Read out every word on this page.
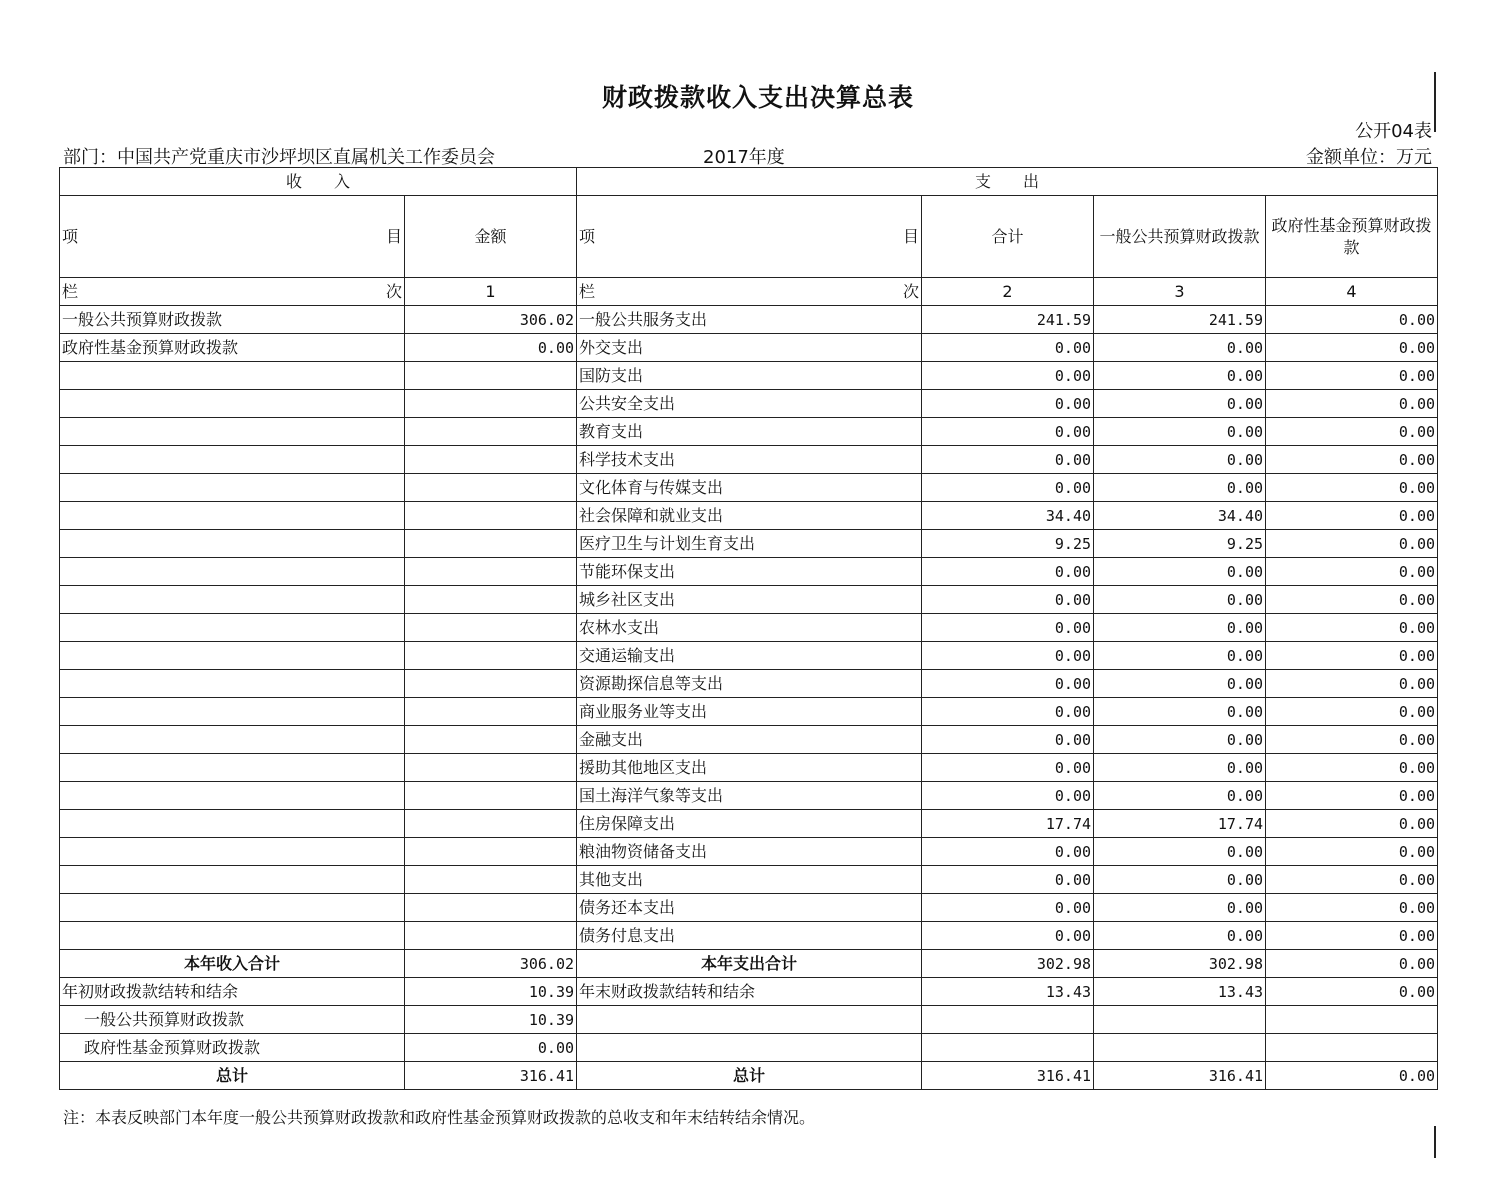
财政拨款收入支出决算总表
公开04表
部门：中国共产党重庆市沙坪坝区直属机关工作委员会	2017年度	金额单位：万元
收　　入		支　　出			

项 目	金额	项 目	合计	一般公共预算财政拨款	政府性基金预算财政拨款

栏 次	1	栏 次	2	3	4
一般公共预算财政拨款	306.02	一般公共服务支出	241.59	241.59	0.00
政府性基金预算财政拨款	0.00	外交支出	0.00	0.00	0.00
		国防支出	0.00	0.00	0.00
		公共安全支出	0.00	0.00	0.00
		教育支出	0.00	0.00	0.00
		科学技术支出	0.00	0.00	0.00
		文化体育与传媒支出	0.00	0.00	0.00
		社会保障和就业支出	34.40	34.40	0.00
		医疗卫生与计划生育支出	9.25	9.25	0.00
		节能环保支出	0.00	0.00	0.00
		城乡社区支出	0.00	0.00	0.00
		农林水支出	0.00	0.00	0.00
		交通运输支出	0.00	0.00	0.00
		资源勘探信息等支出	0.00	0.00	0.00
		商业服务业等支出	0.00	0.00	0.00
		金融支出	0.00	0.00	0.00
		援助其他地区支出	0.00	0.00	0.00
		国土海洋气象等支出	0.00	0.00	0.00
		住房保障支出	17.74	17.74	0.00
		粮油物资储备支出	0.00	0.00	0.00
		其他支出	0.00	0.00	0.00
		债务还本支出	0.00	0.00	0.00
		债务付息支出	0.00	0.00	0.00
本年收入合计	306.02	本年支出合计	302.98	302.98	0.00
年初财政拨款结转和结余	10.39	年末财政拨款结转和结余	13.43	13.43	0.00
一般公共预算财政拨款	10.39				
政府性基金预算财政拨款	0.00				
总计	316.41	总计	316.41	316.41	0.00
注：本表反映部门本年度一般公共预算财政拨款和政府性基金预算财政拨款的总收支和年末结转结余情况。
